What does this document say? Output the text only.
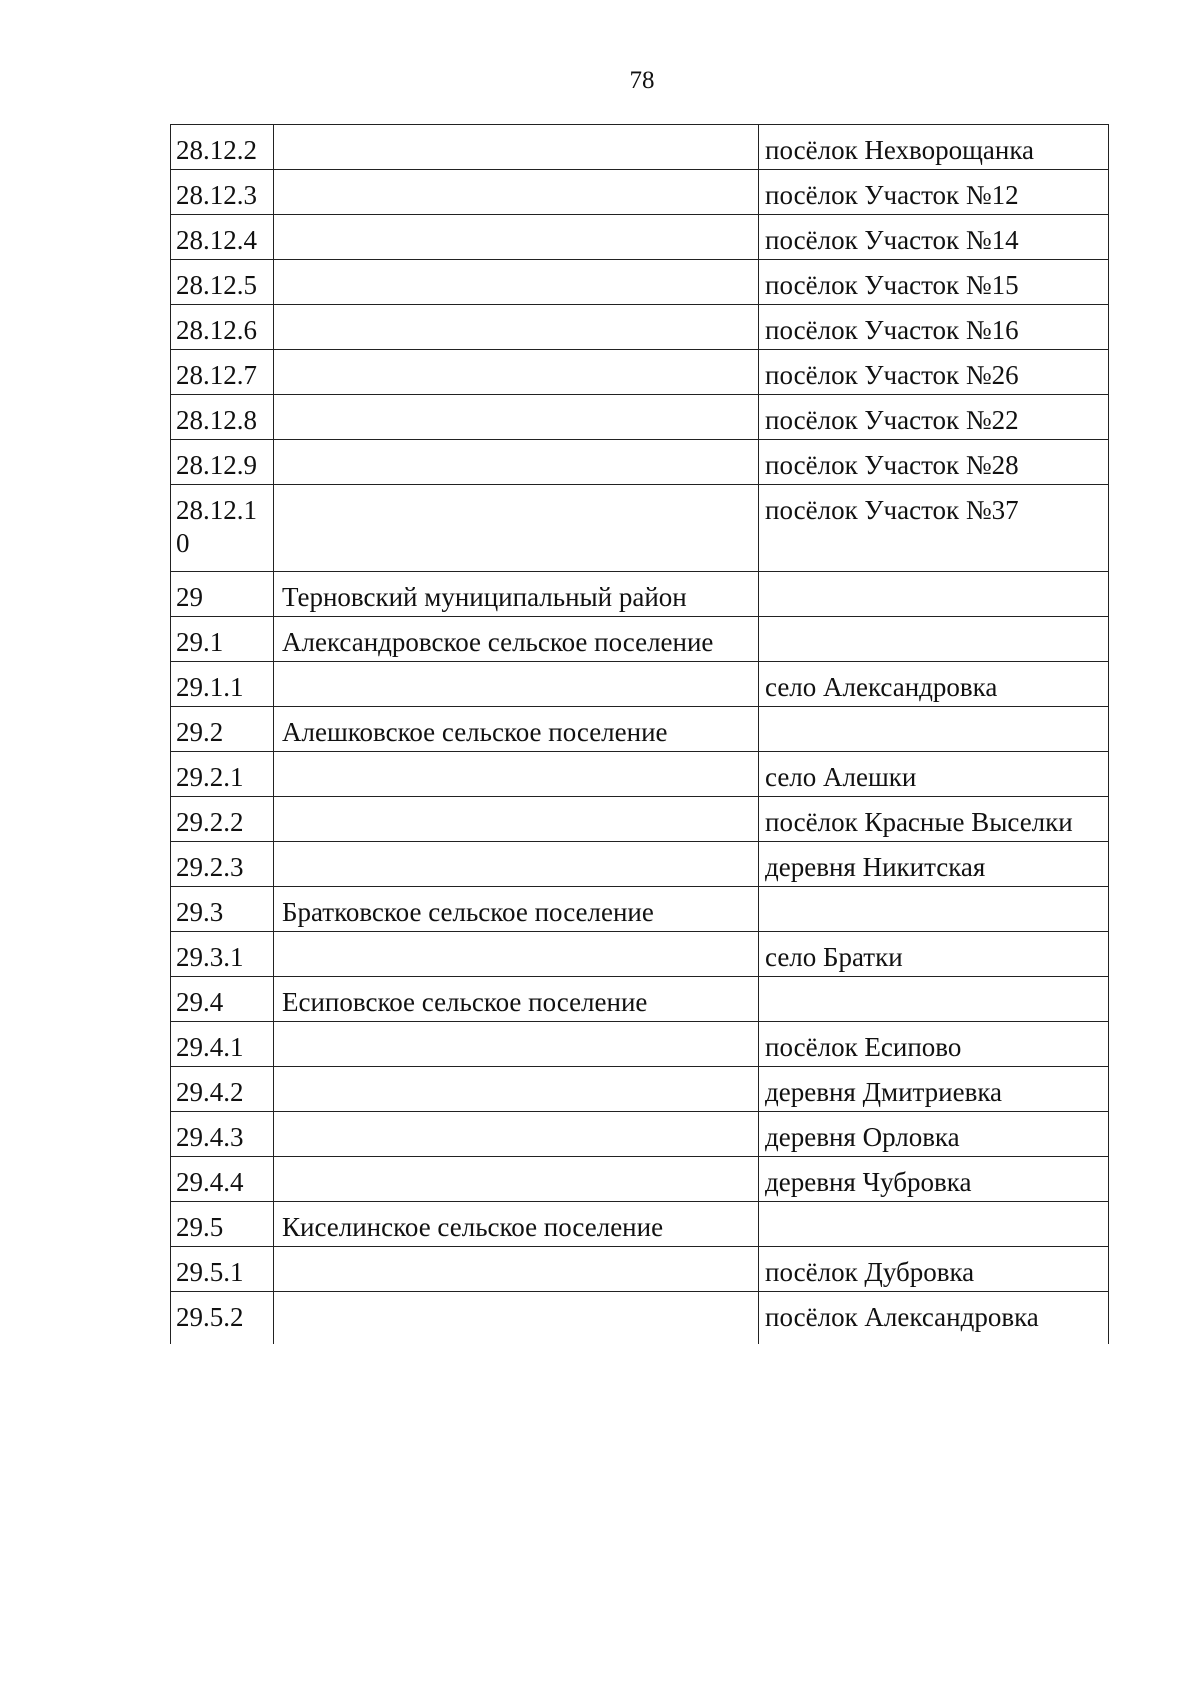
78
28.12.2		посёлок Нехворощанка
28.12.3		посёлок Участок №12
28.12.4		посёлок Участок №14
28.12.5		посёлок Участок №15
28.12.6		посёлок Участок №16
28.12.7		посёлок Участок №26
28.12.8		посёлок Участок №22
28.12.9		посёлок Участок №28
28.12.10		посёлок Участок №37
29	Терновский муниципальный район	
29.1	Александровское сельское поселение	
29.1.1		село Александровка
29.2	Алешковское сельское поселение	
29.2.1		село Алешки
29.2.2		посёлок Красные Выселки
29.2.3		деревня Никитская
29.3	Братковское сельское поселение	
29.3.1		село Братки
29.4	Есиповское сельское поселение	
29.4.1		посёлок Есипово
29.4.2		деревня Дмитриевка
29.4.3		деревня Орловка
29.4.4		деревня Чубровка
29.5	Киселинское сельское поселение	
29.5.1		посёлок Дубровка
29.5.2		посёлок Александровка
